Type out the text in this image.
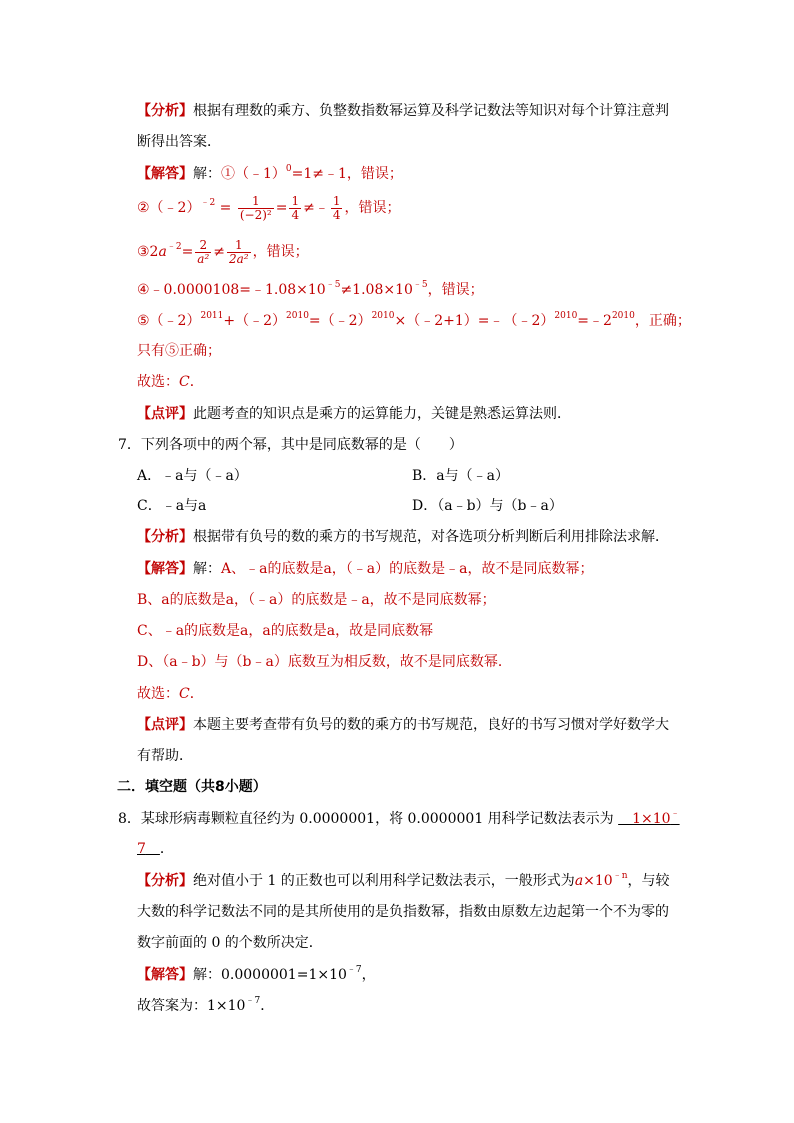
【分析】根据有理数的乘方、负整数指数幂运算及科学记数法等知识对每个计算注意判
断得出答案．
【解答】解：①（﹣1）$^0$=1≠﹣1，错误；
②（﹣2）$^{﹣2}$ = $\frac{1}{\text{(−2)²}} = \frac{1}{4}$ ≠﹣ $\frac{1}{4}$ ，错误；
$③2a^{﹣2}= \frac{2}{\text{a²}} \ne \frac{1}{\text{2a²}}$ ，错误；
$④﹣0.0000108=﹣1.08\times 10^{﹣5}\ne 1.08\times 10^{﹣5}$，错误；
$⑤(﹣2)^{2011}+(﹣2)^{2010}=(﹣2)^{2010}\times(﹣2+1)=﹣(﹣2)^{2010}=﹣2^{2010}$，正确；
只有⑤正确；
故选：C．
【点评】此题考查的知识点是乘方的运算能力，关键是熟悉运算法则．
7．下列各项中的两个幂，其中是同底数幂的是（　　）
A．﹣a与（﹣a）	B．a与（﹣a）
C．﹣a与a	D．（a﹣b）与（b﹣a）
【分析】根据带有负号的数的乘方的书写规范，对各选项分析判断后利用排除法求解．
【解答】解：A、﹣a的底数是a，（﹣a）的底数是﹣a，故不是同底数幂；
B、a的底数是a，（﹣a）的底数是﹣a，故不是同底数幂；
C、﹣a的底数是a，a的底数是a，故是同底数幂
D、（a﹣b）与（b﹣a）底数互为相反数，故不是同底数幂．
故选：C．
【点评】本题主要考查带有负号的数的乘方的书写规范，良好的书写习惯对学好数学大
有帮助．
二．填空题（共8小题）
8．某球形病毒颗粒直径约为 0.0000001，将 0.0000001 用科学记数法表示为 　1×10﹣
7　 ．
【分析】绝对值小于 1 的正数也可以利用科学记数法表示，一般形式为$a\times 10^{﹣n}$，与较
大数的科学记数法不同的是其所使用的是负指数幂，指数由原数左边起第一个不为零的
数字前面的 0 的个数所决定．
【解答】解：$0.0000001=1\times 10^{﹣7}$，
故答案为：$1\times 10^{﹣7}$．
